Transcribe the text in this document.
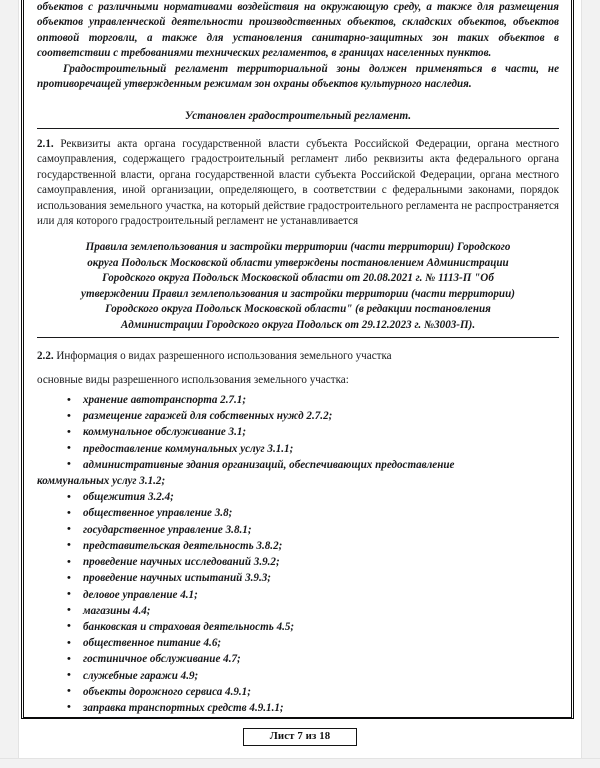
объектов с различными нормативами воздействия на окружающую среду, а также для размещения объектов управленческой деятельности производственных объектов, складских объектов, объектов оптовой торговли, а также для установления санитарно-защитных зон таких объектов в соответствии с требованиями технических регламентов, в границах населенных пунктов.

Градостроительный регламент территориальной зоны должен применяться в части, не противоречащей утвержденным режимам зон охраны объектов культурного наследия.

Установлен градостроительный регламент.

2.1. Реквизиты акта органа государственной власти субъекта Российской Федерации, органа местного самоуправления, содержащего градостроительный регламент либо реквизиты акта федерального органа государственной власти, органа государственной власти субъекта Российской Федерации, органа местного самоуправления, иной организации, определяющего, в соответствии с федеральными законами, порядок использования земельного участка, на который действие градостроительного регламента не распространяется или для которого градостроительный регламент не устанавливается

Правила землепользования и застройки территории (части территории) Городского

округа Подольск Московской области утверждены постановлением Администрации

Городского округа Подольск Московской области от 20.08.2021 г. № 1113-П "Об

утверждении Правил землепользования и застройки территории (части территории)

Городского округа Подольск Московской области" (в редакции постановления

Администрации Городского округа Подольск от 29.12.2023 г. №3003-П).

2.2. Информация о видах разрешенного использования земельного участка

основные виды разрешенного использования земельного участка:

• хранение автотранспорта 2.7.1;
• размещение гаражей для собственных нужд 2.7.2;
• коммунальное обслуживание 3.1;
• предоставление коммунальных услуг 3.1.1;
• административные здания организаций, обеспечивающих предоставление
коммунальных услуг 3.1.2;
• общежития 3.2.4;
• общественное управление 3.8;
• государственное управление 3.8.1;
• представительская деятельность 3.8.2;
• проведение научных исследований 3.9.2;
• проведение научных испытаний 3.9.3;
• деловое управление 4.1;
• магазины 4.4;
• банковская и страховая деятельность 4.5;
• общественное питание 4.6;
• гостиничное обслуживание 4.7;
• служебные гаражи 4.9;
• объекты дорожного сервиса 4.9.1;
• заправка транспортных средств 4.9.1.1;
Лист 7 из 18
